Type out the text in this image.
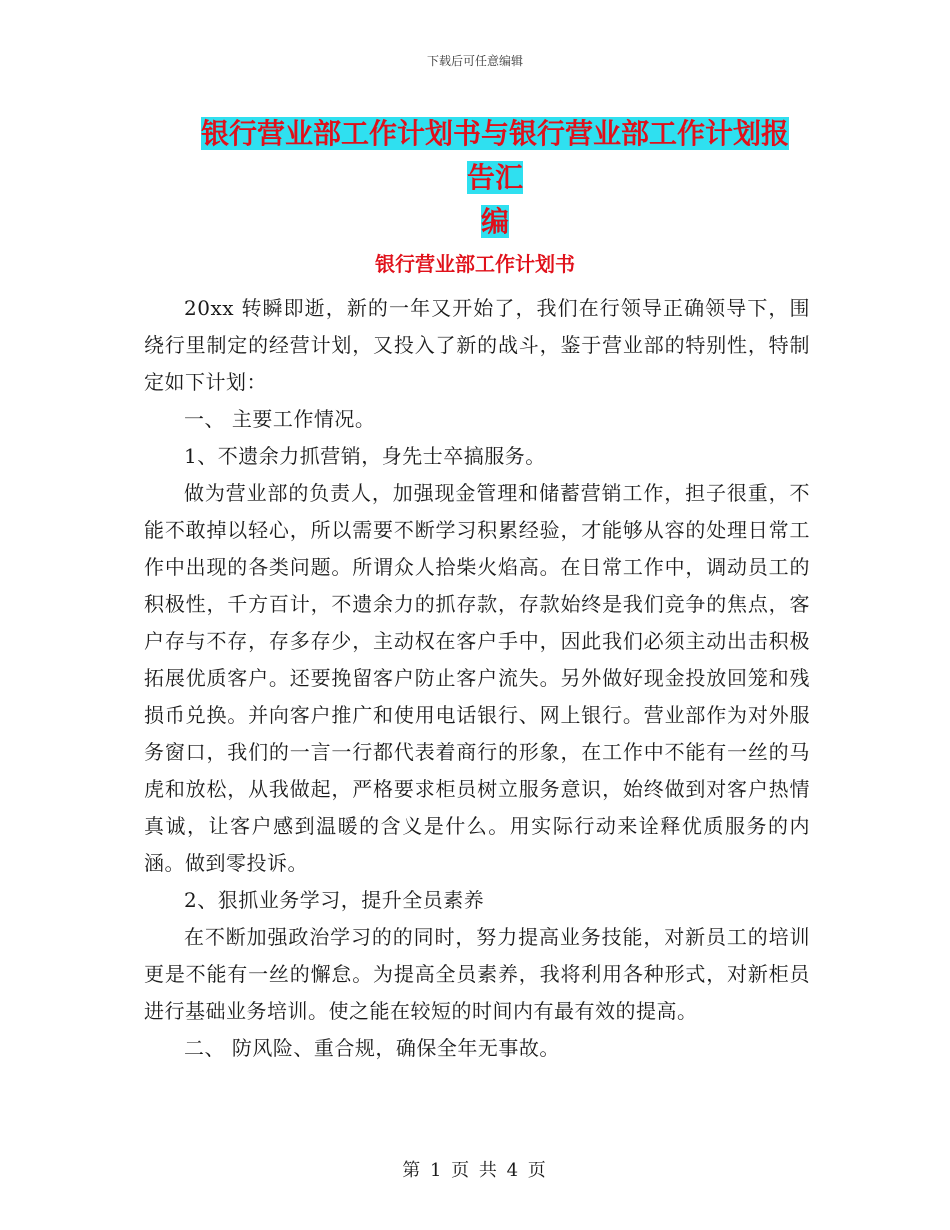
下载后可任意编辑
银行营业部工作计划书与银行营业部工作计划报告汇
编
银行营业部工作计划书

20xx 转瞬即逝，新的一年又开始了，我们在行领导正确领导下，围绕行里制定的经营计划，又投入了新的战斗，鉴于营业部的特别性，特制定如下计划：

一、 主要工作情况。

1、不遗余力抓营销，身先士卒搞服务。

做为营业部的负责人，加强现金管理和储蓄营销工作，担子很重，不能不敢掉以轻心，所以需要不断学习积累经验，才能够从容的处理日常工作中出现的各类问题。所谓众人拾柴火焰高。在日常工作中，调动员工的积极性，千方百计，不遗余力的抓存款，存款始终是我们竞争的焦点，客户存与不存，存多存少，主动权在客户手中，因此我们必须主动出击积极拓展优质客户。还要挽留客户防止客户流失。另外做好现金投放回笼和残损币兑换。并向客户推广和使用电话银行、网上银行。营业部作为对外服务窗口，我们的一言一行都代表着商行的形象，在工作中不能有一丝的马虎和放松，从我做起，严格要求柜员树立服务意识，始终做到对客户热情真诚，让客户感到温暖的含义是什么。用实际行动来诠释优质服务的内涵。做到零投诉。

2、狠抓业务学习，提升全员素养

在不断加强政治学习的的同时，努力提高业务技能，对新员工的培训更是不能有一丝的懈怠。为提高全员素养，我将利用各种形式，对新柜员进行基础业务培训。使之能在较短的时间内有最有效的提高。

二、 防风险、重合规，确保全年无事故。

第 1 页 共 4 页
